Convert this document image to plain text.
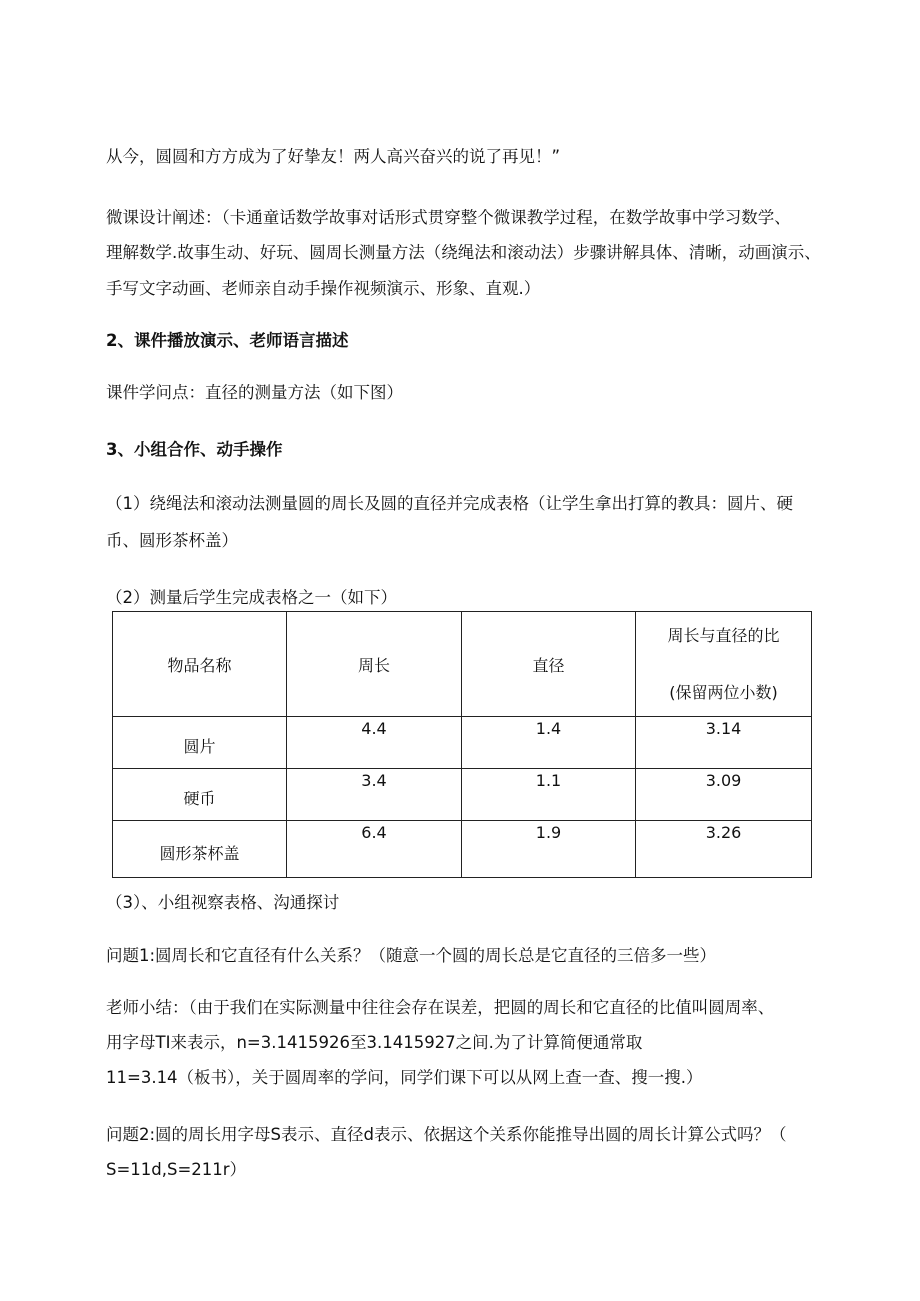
从今，圆圆和方方成为了好挚友！两人高兴奋兴的说了再见！”
微课设计阐述：（卡通童话数学故事对话形式贯穿整个微课教学过程，在数学故事中学习数学、
理解数学.故事生动、好玩、圆周长测量方法（绕绳法和滚动法）步骤讲解具体、清晰，动画演示、
手写文字动画、老师亲自动手操作视频演示、形象、直观.）
2、课件播放演示、老师语言描述
课件学问点：直径的测量方法（如下图）
3、小组合作、动手操作
（1）绕绳法和滚动法测量圆的周长及圆的直径并完成表格（让学生拿出打算的教具：圆片、硬
币、圆形茶杯盖）
（2）测量后学生完成表格之一（如下）
物品名称	周长	直径	周长与直径的比
(保留两位小数)

圆片	4.4	1.4	3.14
硬币	3.4	1.1	3.09
圆形茶杯盖	6.4	1.9	3.26
（3）、小组视察表格、沟通探讨
问题1:圆周长和它直径有什么关系？（随意一个圆的周长总是它直径的三倍多一些）
老师小结：（由于我们在实际测量中往往会存在误差，把圆的周长和它直径的比值叫圆周率、
用字母TI来表示，n=3.1415926至3.1415927之间.为了计算简便通常取
11=3.14（板书），关于圆周率的学问，同学们课下可以从网上查一查、搜一搜.）
问题2:圆的周长用字母S表示、直径d表示、依据这个关系你能推导出圆的周长计算公式吗？（
S=11d,S=211r）
